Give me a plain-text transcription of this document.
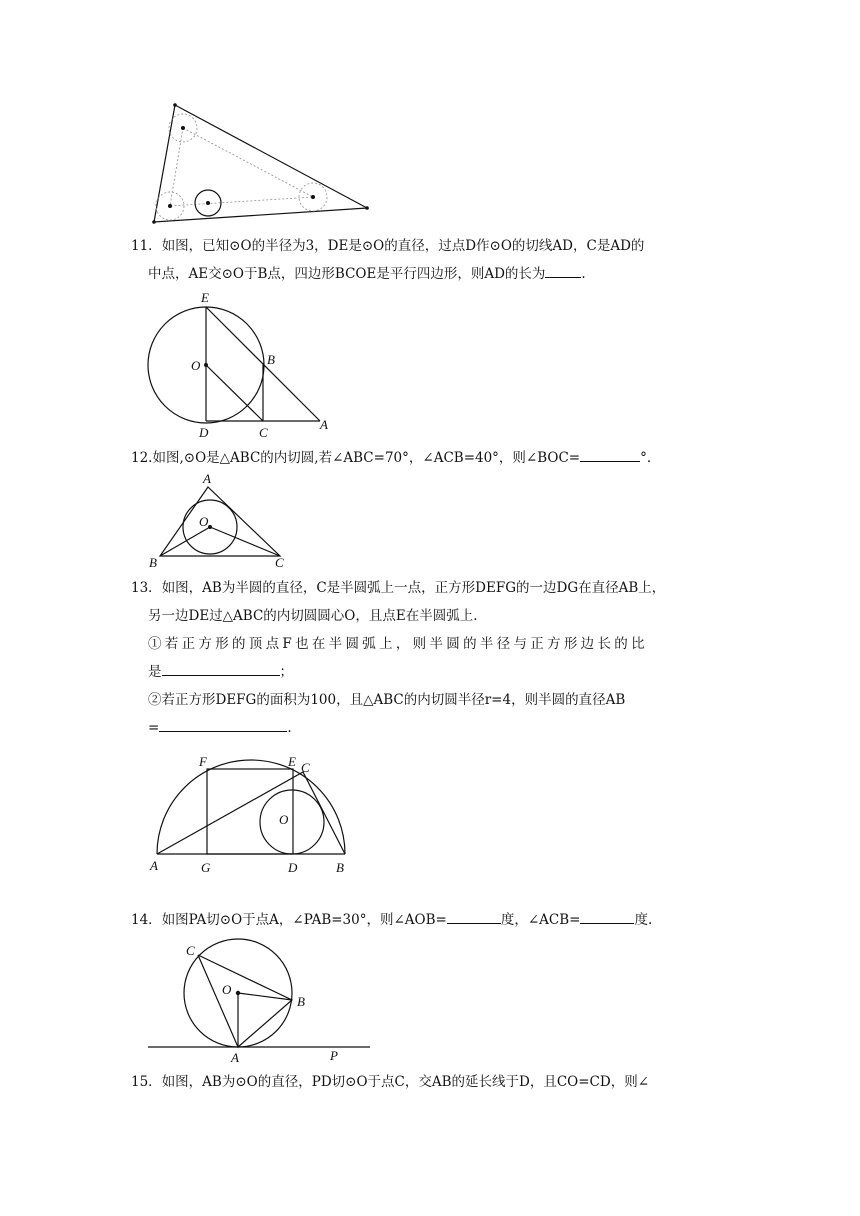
11．如图，已知⊙O的半径为3，DE是⊙O的直径，过点D作⊙O的切线AD，C是AD的
中点，AE交⊙O于B点，四边形BCOE是平行四边形，则AD的长为	.
E
O	B
D	C
A
12.如图,⊙O是△ABC的内切圆,若∠ABC=70°，∠ACB=40°，则∠BOC=	°．
A
O
B	C
13．如图，AB为半圆的直径，C是半圆弧上一点，正方形DEFG的一边DG在直径AB上，
另一边DE过△ABC的内切圆圆心O，且点E在半圆弧上.
①若正方形的顶点F也在半圆弧上，则半圆的半径与正方形边长的比
是	；
②若正方形DEFG的面积为100，且△ABC的内切圆半径r=4，则半圆的直径AB
=	.
F	E C
O
A	G	D	B
14．如图PA切⊙O于点A，∠PAB=30°，则∠AOB=	度，∠ACB=	度.
C
O
B
A	P
15．如图，AB为⊙O的直径，PD切⊙O于点C，交AB的延长线于D，且CO=CD，则∠
